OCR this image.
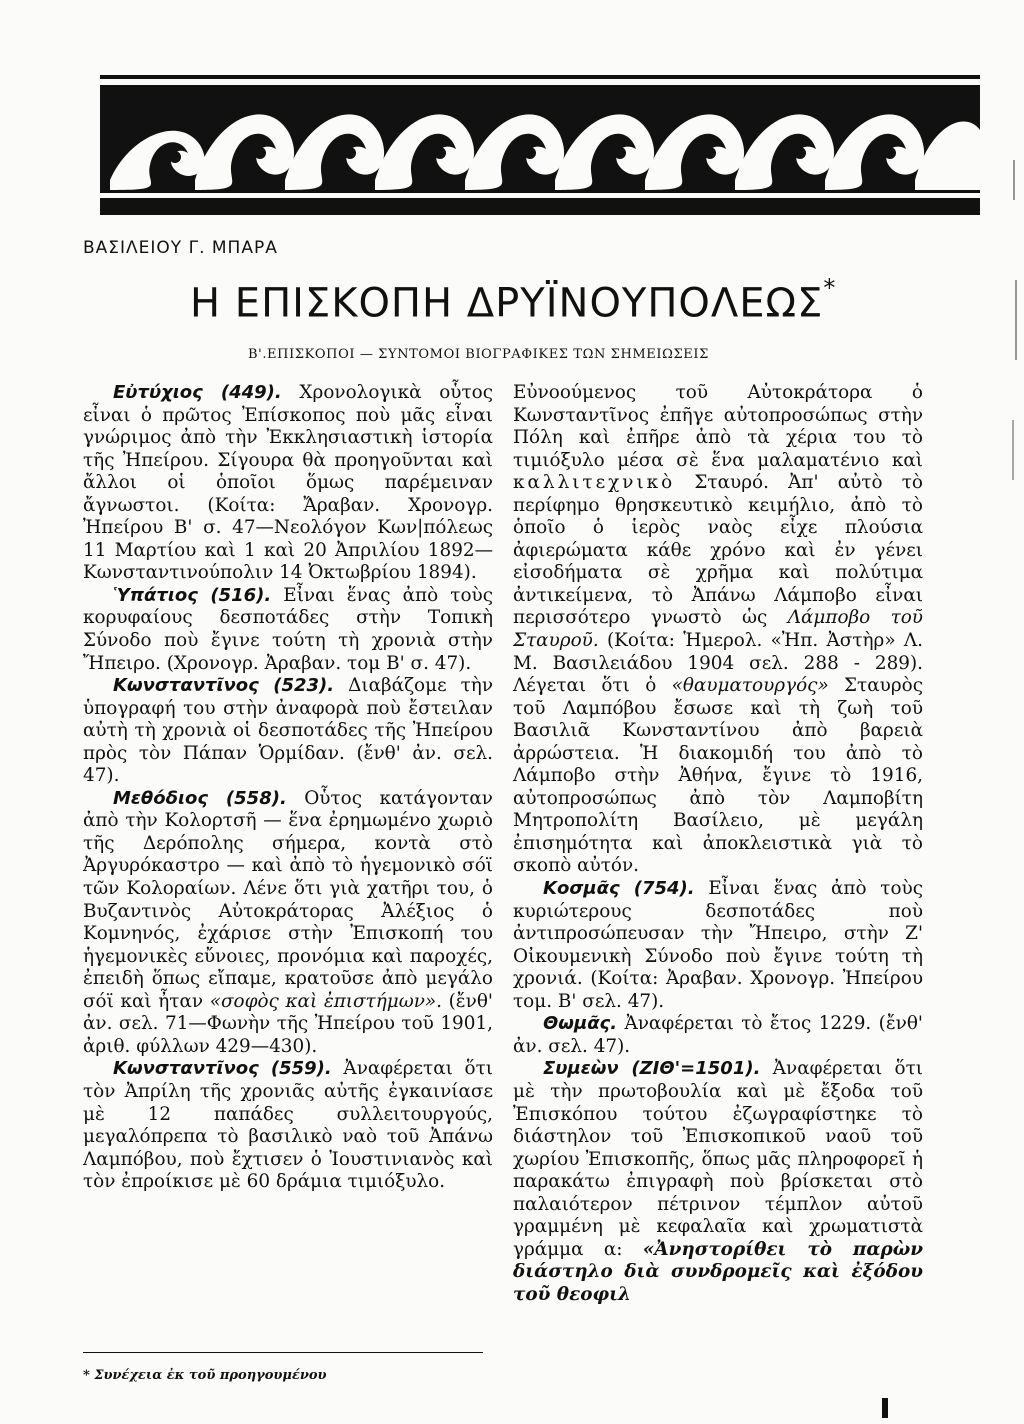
ΒΑΣΙΛΕΙΟΥ Γ. ΜΠΑΡΑ
Η ΕΠΙΣΚΟΠΗ ΔΡΥΪΝΟΥΠΟΛΕΩΣ*
Β'.ΕΠΙΣΚΟΠΟΙ — ΣΥΝΤΟΜΟΙ ΒΙΟΓΡΑΦΙΚΕΣ ΤΩΝ ΣΗΜΕΙΩΣΕΙΣ

Εὐτύχιος (449). Χρονολογικὰ οὗτος εἶναι ὁ πρῶτος Ἐπίσκοπος ποὺ μᾶς εἶναι γνώριμος ἀπὸ τὴν Ἐκκλησιαστικὴ ἱστορία τῆς Ἠπείρου. Σίγουρα θὰ προηγοῦνται καὶ ἄλλοι οἱ ὁποῖοι ὅμως παρέμειναν ἄγνωστοι. (Κοίτα: Ἄραβαν. Χρονογρ. Ἠπείρου Β' σ. 47—Νεολόγον Κων|πόλεως 11 Μαρτίου καὶ 1 καὶ 20 Ἀπριλίου 1892—Κωνσταντινούπολιν 14 Ὀκτωβρίου 1894).

Ὑπάτιος (516). Εἶναι ἕνας ἀπὸ τοὺς κορυφαίους δεσποτάδες στὴν Τοπικὴ Σύνοδο ποὺ ἔγινε τούτη τὴ χρονιὰ στὴν Ἤπειρο. (Χρονογρ. Ἀραβαν. τομ Β' σ. 47).

Κωνσταντῖνος (523). Διαβάζομε τὴν ὑπογραφή του στὴν ἀναφορὰ ποὺ ἔστειλαν αὐτὴ τὴ χρονιὰ οἱ δεσποτάδες τῆς Ἠπείρου πρὸς τὸν Πάπαν Ὁρμίδαν. (ἔνθ' ἀν. σελ. 47).

Μεθόδιος (558). Οὗτος κατάγονταν ἀπὸ τὴν Κολορτσῆ — ἕνα ἐρημωμένο χωριὸ τῆς Δερόπολης σήμερα, κοντὰ στὸ Ἀργυρόκαστρο — καὶ ἀπὸ τὸ ἡγεμονικὸ σόϊ τῶν Κολοραίων. Λένε ὅτι γιὰ χατῆρι του, ὁ Βυζαντινὸς Αὐτοκράτορας Ἀλέξιος ὁ Κομνηνός, ἐχάρισε στὴν Ἐπισκοπή του ἡγεμονικὲς εὔνοιες, προνόμια καὶ παροχές, ἐπειδὴ ὅπως εἴπαμε, κρατοῦσε ἀπὸ μεγάλο σόϊ καὶ ἦταν «σοφὸς καὶ ἐπιστήμων». (ἔνθ' ἀν. σελ. 71—Φωνὴν τῆς Ἠπείρου τοῦ 1901, ἀριθ. φύλλων 429—430).

Κωνσταντῖνος (559). Ἀναφέρεται ὅτι τὸν Ἀπρίλη τῆς χρονιᾶς αὐτῆς ἐγκαινίασε μὲ 12 παπάδες συλλειτουργούς, μεγαλόπρεπα τὸ βασιλικὸ ναὸ τοῦ Ἀπάνω Λαμπόβου, ποὺ ἔχτισεν ὁ Ἰουστινιανὸς καὶ τὸν ἐπροίκισε μὲ 60 δράμια τιμιόξυλο.

Εὐνοούμενος τοῦ Αὐτοκράτορα ὁ Κωνσταντῖνος ἐπῆγε αὐτοπροσώπως στὴν Πόλη καὶ ἐπῆρε ἀπὸ τὰ χέρια του τὸ τιμιόξυλο μέσα σὲ ἕνα μαλαματένιο καὶ καλλιτεχνικὸ Σταυρό. Ἀπ' αὐτὸ τὸ περίφημο θρησκευτικὸ κειμήλιο, ἀπὸ τὸ ὁποῖο ὁ ἱερὸς ναὸς εἶχε πλούσια ἀφιερώματα κάθε χρόνο καὶ ἐν γένει εἰσοδήματα σὲ χρῆμα καὶ πολύτιμα ἀντικείμενα, τὸ Ἀπάνω Λάμποβο εἶναι περισσότερο γνωστὸ ὡς Λάμποβο τοῦ Σταυροῦ. (Κοίτα: Ἡμερολ. «Ἠπ. Ἀστὴρ» Λ. Μ. Βασιλειάδου 1904 σελ. 288 - 289). Λέγεται ὅτι ὁ «θαυματουργός» Σταυρὸς τοῦ Λαμπόβου ἔσωσε καὶ τὴ ζωὴ τοῦ Βασιλιᾶ Κωνσταντίνου ἀπὸ βαρειὰ ἀρρώστεια. Ἡ διακομιδή του ἀπὸ τὸ Λάμποβο στὴν Ἀθήνα, ἔγινε τὸ 1916, αὐτοπροσώπως ἀπὸ τὸν Λαμποβίτη Μητροπολίτη Βασίλειο, μὲ μεγάλη ἐπισημότητα καὶ ἀποκλειστικὰ γιὰ τὸ σκοπὸ αὐτόν.

Κοσμᾶς (754). Εἶναι ἕνας ἀπὸ τοὺς κυριώτερους δεσποτάδες ποὺ ἀντιπροσώπευσαν τὴν Ἤπειρο, στὴν Ζ' Οἰκουμενικὴ Σύνοδο ποὺ ἔγινε τούτη τὴ χρονιά. (Κοίτα: Ἀραβαν. Χρονογρ. Ἠπείρου τομ. Β' σελ. 47).

Θωμᾶς. Ἀναφέρεται τὸ ἔτος 1229. (ἔνθ' ἀν. σελ. 47).

Συμεὼν (ΖΙΘ'=1501). Ἀναφέρεται ὅτι μὲ τὴν πρωτοβουλία καὶ μὲ ἔξοδα τοῦ Ἐπισκόπου τούτου ἐζωγραφίστηκε τὸ διάστηλον τοῦ Ἐπισκοπικοῦ ναοῦ τοῦ χωρίου Ἐπισκοπῆς, ὅπως μᾶς πληροφορεῖ ἡ παρακάτω ἐπιγραφὴ ποὺ βρίσκεται στὸ παλαιότερον πέτρινον τέμπλον αὐτοῦ γραμμένη μὲ κεφαλαῖα καὶ χρωματιστὰ γράμμα α: «Ἀνηστορίθει τὸ παρὼν διάστηλο διὰ συνδρομεῖς καὶ ἐξόδου τοῦ θεοφιλ

* Συνέχεια ἐκ τοῦ προηγουμένου
